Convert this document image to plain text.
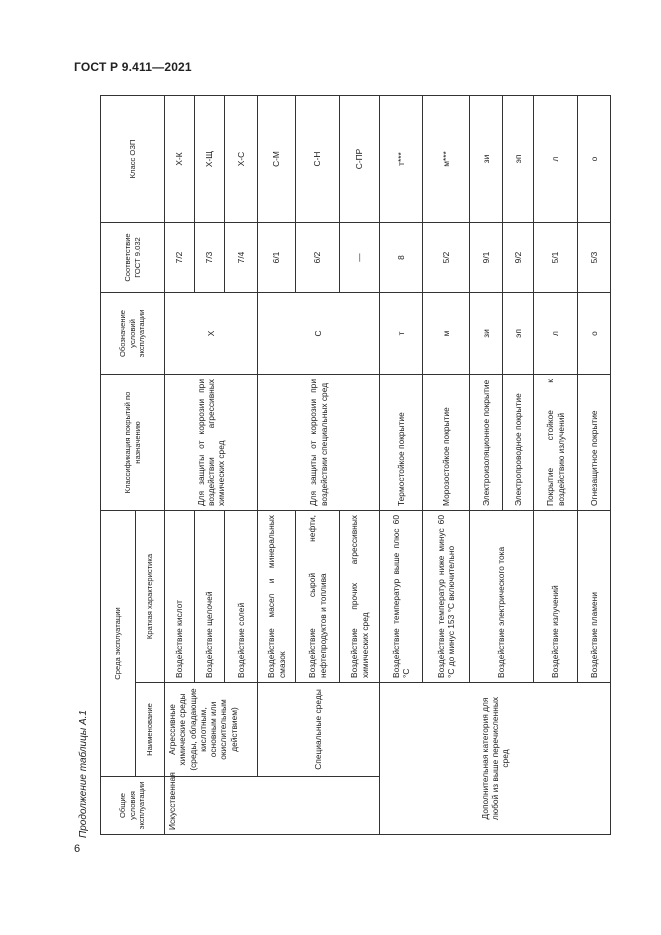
ГОСТ Р 9.411—2021
Продолжение таблицы А.1
6
Общие условия эксплуатации	Среда эксплуатации		Классификация покрытий по назначению	Обозначение условий эксплуатации	Соответствие ГОСТ 9.032	Класс ОЗП
	Наименование	Краткая характеристика				
Искусственная	Агрессивные химические среды (среды, обладающие кислотным, основным или окислительным действием)	Воздействие кислот	Для защиты от коррозии при воздействии агрессивных химических сред	Х	7/2	Х-К
		Воздействие щелочей			7/3	Х-Щ
		Воздействие солей			7/4	Х-С
	Специальные среды	Воздействие масел и минеральных смазок	Для защиты от коррозии при воздействии специальных сред	С	6/1	С-М
		Воздействие сырой нефти, нефтепродуктов и топлива			6/2	С-Н
		Воздействие прочих агрессивных химических сред			—	С-ПР
Дополнительная категория для любой из выше перечисленных сред		Воздействие температур выше плюс 60 °С	Термостойкое покрытие	т	8	т***
		Воздействие температур ниже минус 60 °С до минус 153 °С включительно	Морозостойкое покрытие	м	5/2	м***
		Воздействие электрического тока	Электроизоляционное покрытие	зи	9/1	зи
			Электропроводное покрытие	эп	9/2	эп
		Воздействие излучений	Покрытие стойкое к воздействию излучений	л	5/1	л
		Воздействие пламени	Огнезащитное покрытие	о	5/3	о
